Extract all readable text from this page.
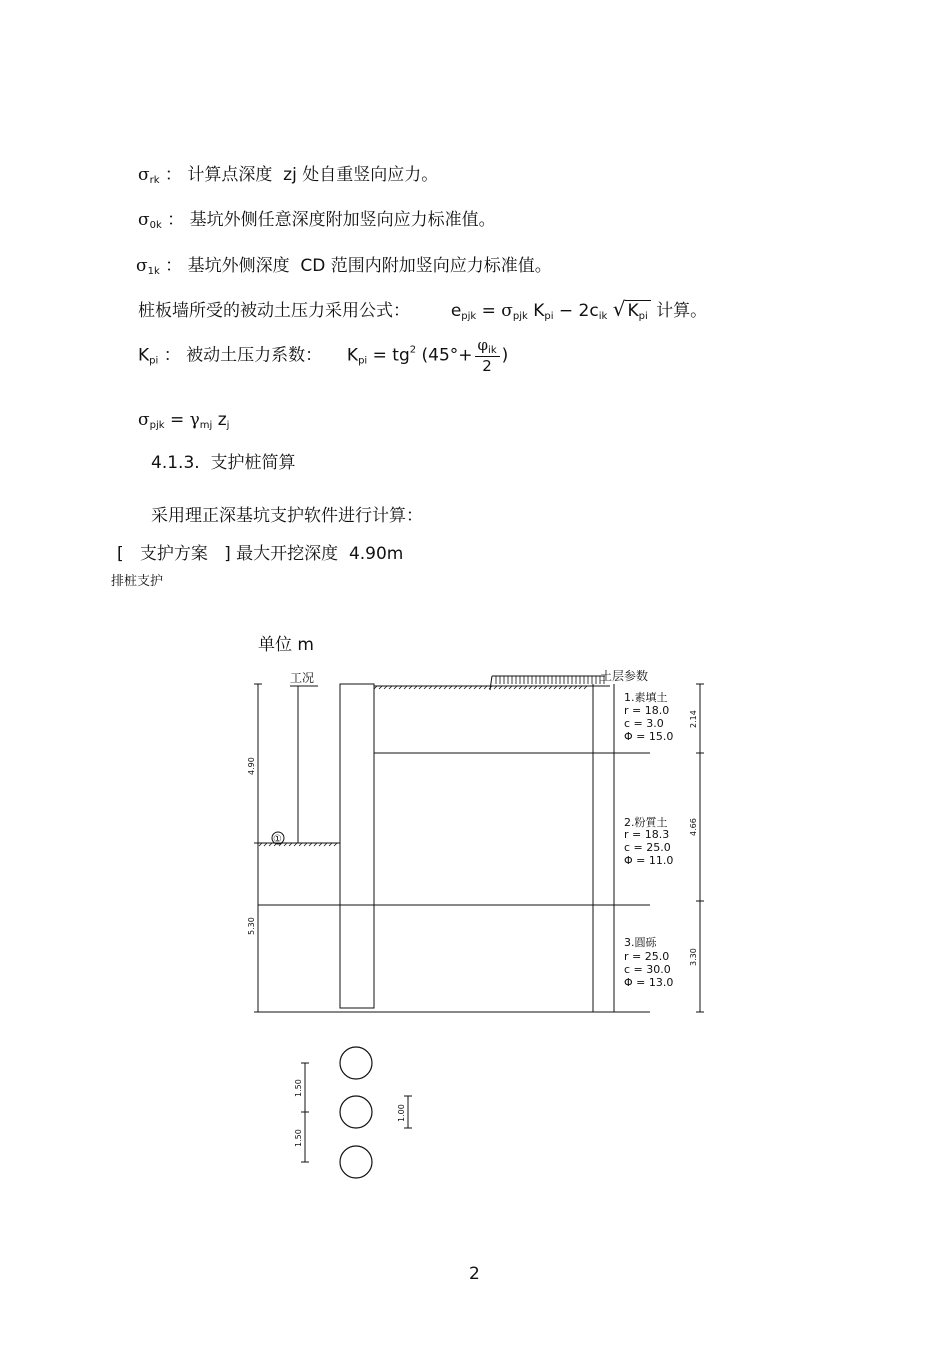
$\sigma_{rk}$ ： 计算点深度 zj 处自重竖向应力。
$\sigma_{0k}$ ： 基坑外侧任意深度附加竖向应力标准值。
$\sigma_{1k}$ ： 基坑外侧深度 CD 范围内附加竖向应力标准值。
桩板墙所受的被动土压力采用公式： $e_{pjk} = \sigma_{pjk}$ $K_{pi} - 2c_{ik}$ √ $K_{pi}$ 计算。
$K_{pi}$ ： 被动土压力系数： $K_{pi} = tg^2$ ($45^\circ+ \frac{\varphi_{ik}}{2}$ )
$\sigma_{pjk} = \gamma_{mj}$ $z_j$
4.1.3. 支护桩简算
采用理正深基坑支护软件进行计算：
[ 支护方案 ] 最大开挖深度 4.90m
排桩支护
单位 m
工况	土层参数
①
4.90
5.30
2.14
4.66
3.30
1.素填土
r = 18.0
c = 3.0
Φ = 15.0
2.粉質土
r = 18.3
c = 25.0
Φ = 11.0
3.圓砾
r = 25.0
c = 30.0
Φ = 13.0
1.50
1.50
1.00
2
